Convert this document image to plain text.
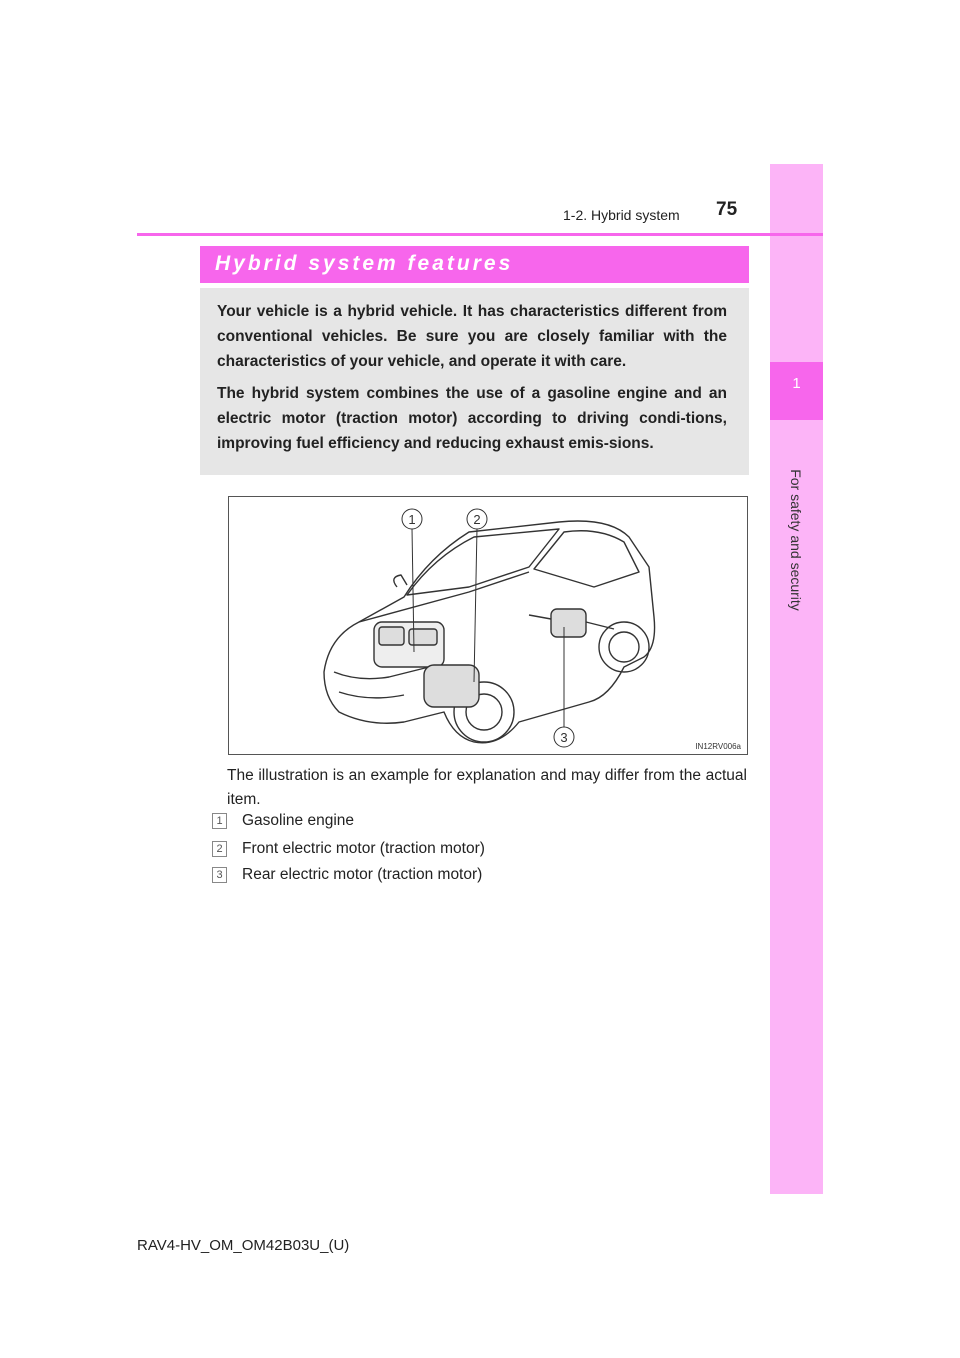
1
For safety and security
1-2. Hybrid system 75
Hybrid system features

Your vehicle is a hybrid vehicle. It has characteristics different from conventional vehicles. Be sure you are closely familiar with the characteristics of your vehicle, and operate it with care.

The hybrid system combines the use of a gasoline engine and an electric motor (traction motor) according to driving condi-tions, improving fuel efficiency and reducing exhaust emis-sions.

1	2
3
IN12RV006a
The illustration is an example for explanation and may differ from the actual item.
1 Gasoline engine
2 Front electric motor (traction motor)
3 Rear electric motor (traction motor)
RAV4-HV_OM_OM42B03U_(U)
